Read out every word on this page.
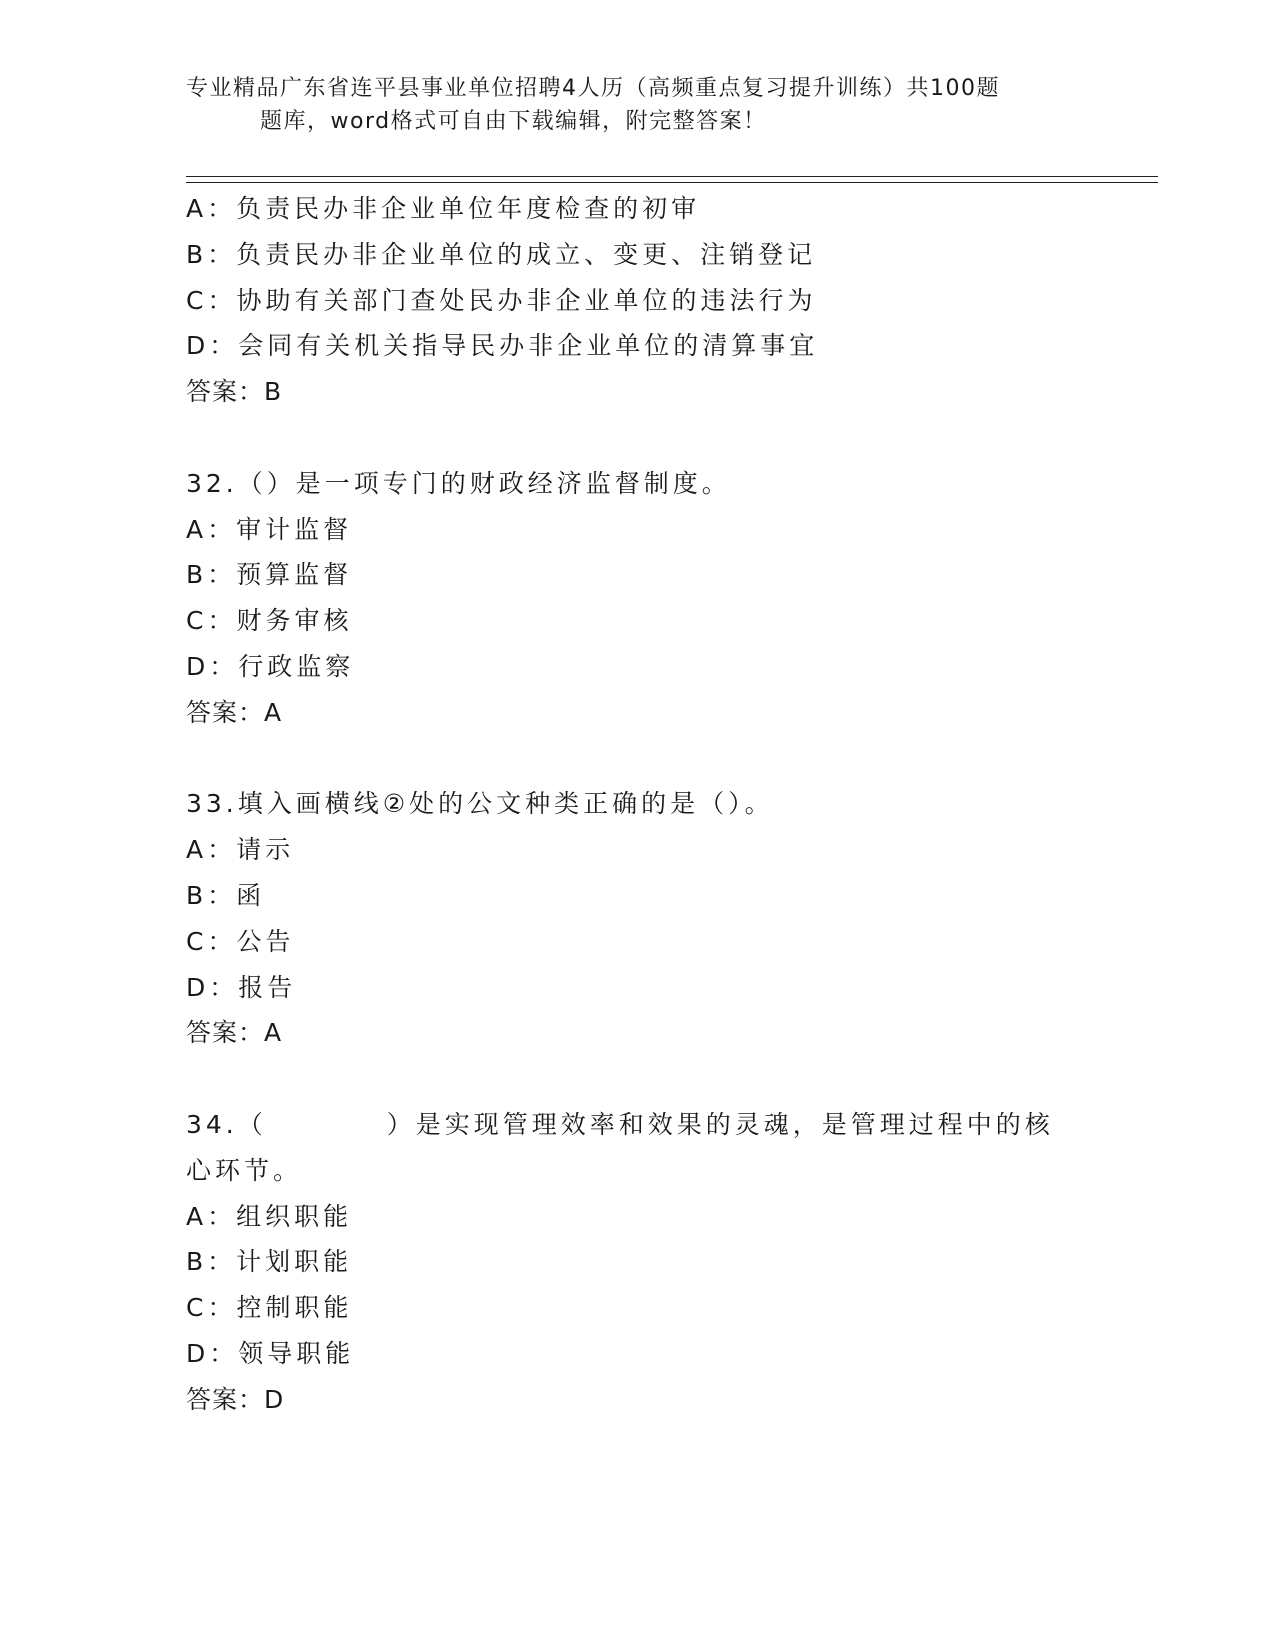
专业精品广东省连平县事业单位招聘4人历（高频重点复习提升训练）共100题
题库，word格式可自由下载编辑，附完整答案！
A：负责民办非企业单位年度检查的初审
B：负责民办非企业单位的成立、变更、注销登记
C：协助有关部门查处民办非企业单位的违法行为
D：会同有关机关指导民办非企业单位的清算事宜
答案：B
32.（）是一项专门的财政经济监督制度。
A：审计监督
B：预算监督
C：财务审核
D：行政监察
答案：A
33.填入画横线②处的公文种类正确的是（）。
A：请示
B：函
C：公告
D：报告
答案：A
34.（	）是实现管理效率和效果的灵魂，是管理过程中的核心环节。
A：组织职能
B：计划职能
C：控制职能
D：领导职能
答案：D
